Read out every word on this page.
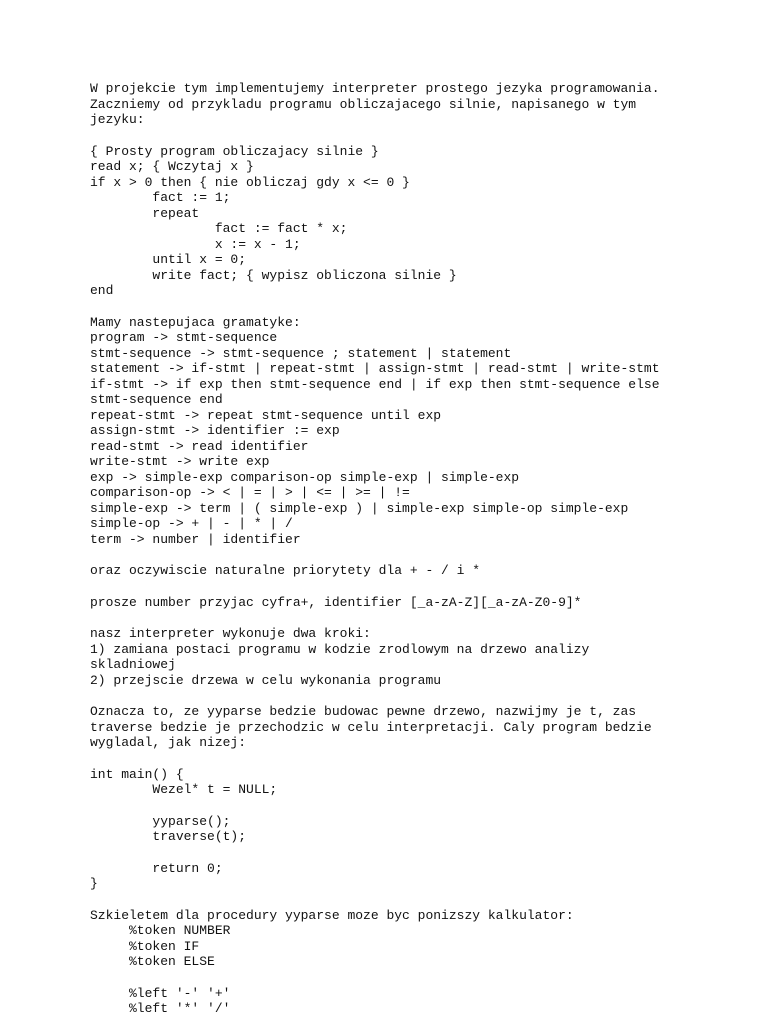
W projekcie tym implementujemy interpreter prostego jezyka programowania.
Zaczniemy od przykladu programu obliczajacego silnie, napisanego w tym
jezyku:
{ Prosty program obliczajacy silnie }
read x; { Wczytaj x }
if x > 0 then { nie obliczaj gdy x <= 0 }
fact := 1;
repeat
fact := fact * x;
x := x - 1;
until x = 0;
write fact; { wypisz obliczona silnie }
end
Mamy nastepujaca gramatyke:
program -> stmt-sequence
stmt-sequence -> stmt-sequence ; statement | statement
statement -> if-stmt | repeat-stmt | assign-stmt | read-stmt | write-stmt
if-stmt -> if exp then stmt-sequence end | if exp then stmt-sequence else
stmt-sequence end
repeat-stmt -> repeat stmt-sequence until exp
assign-stmt -> identifier := exp
read-stmt -> read identifier
write-stmt -> write exp
exp -> simple-exp comparison-op simple-exp | simple-exp
comparison-op -> < | = | > | <= | >= | !=
simple-exp -> term | ( simple-exp ) | simple-exp simple-op simple-exp
simple-op -> + | - | * | /
term -> number | identifier
oraz oczywiscie naturalne priorytety dla + - / i *
prosze number przyjac cyfra+, identifier [_a-zA-Z][_a-zA-Z0-9]*
nasz interpreter wykonuje dwa kroki:
1) zamiana postaci programu w kodzie zrodlowym na drzewo analizy
skladniowej
2) przejscie drzewa w celu wykonania programu
Oznacza to, ze yyparse bedzie budowac pewne drzewo, nazwijmy je t, zas
traverse bedzie je przechodzic w celu interpretacji. Caly program bedzie
wygladal, jak nizej:
int main() {
Wezel* t = NULL;
yyparse();
traverse(t);
return 0;
}
Szkieletem dla procedury yyparse moze byc ponizszy kalkulator:
%token NUMBER
%token IF
%token ELSE
%left '-' '+'
%left '*' '/'
